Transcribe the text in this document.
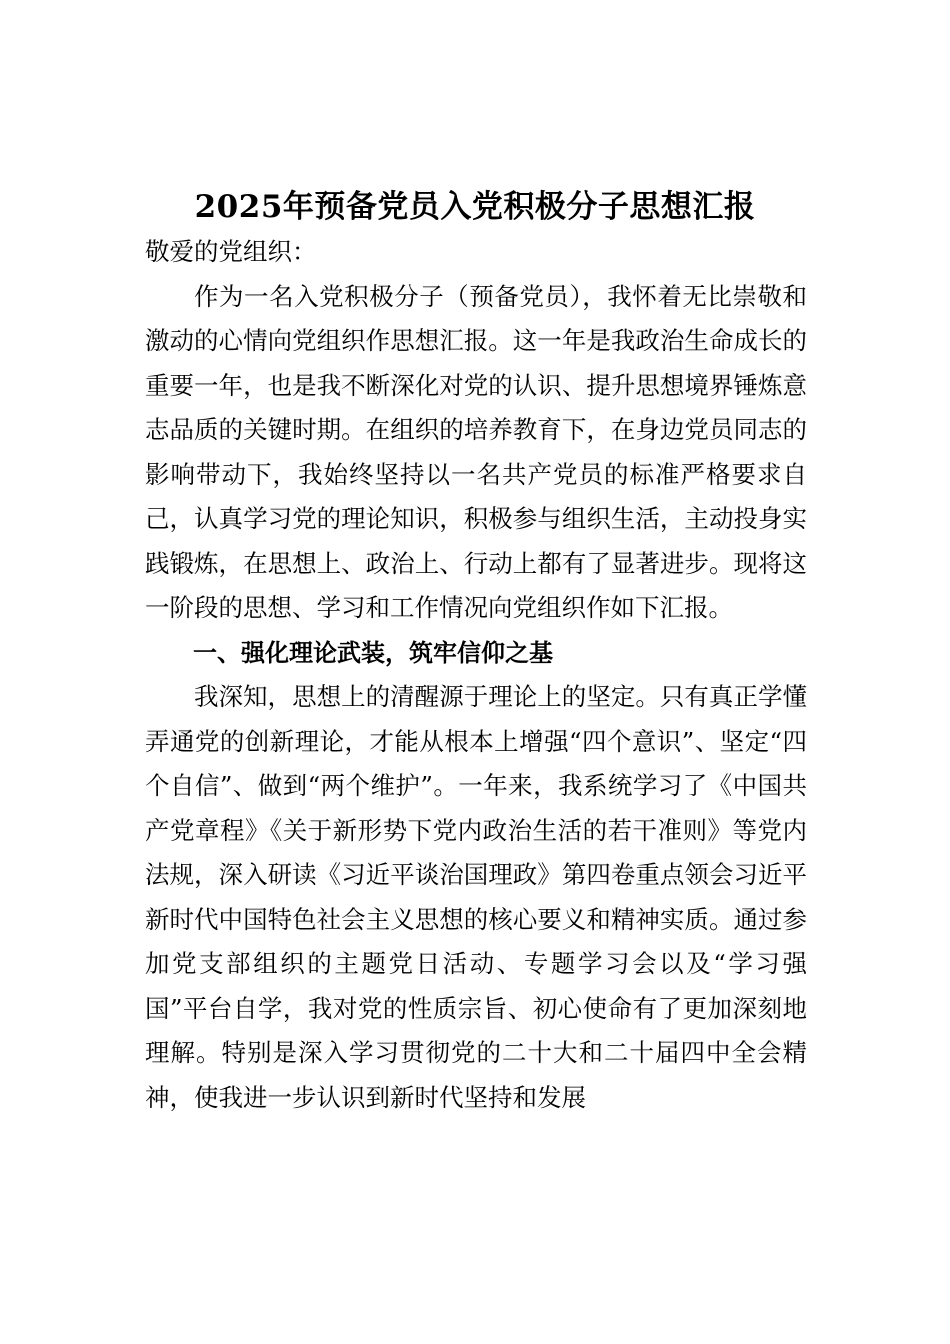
2025年预备党员入党积极分子思想汇报

敬爱的党组织：

作为一名入党积极分子（预备党员），我怀着无比崇敬和激动的心情向党组织作思想汇报。这一年是我政治生命成长的重要一年，也是我不断深化对党的认识、提升思想境界锤炼意志品质的关键时期。在组织的培养教育下，在身边党员同志的影响带动下，我始终坚持以一名共产党员的标准严格要求自己，认真学习党的理论知识，积极参与组织生活，主动投身实践锻炼，在思想上、政治上、行动上都有了显著进步。现将这一阶段的思想、学习和工作情况向党组织作如下汇报。

一、强化理论武装，筑牢信仰之基

我深知，思想上的清醒源于理论上的坚定。只有真正学懂弄通党的创新理论，才能从根本上增强“四个意识”、坚定“四个自信”、做到“两个维护”。一年来，我系统学习了《中国共产党章程》《关于新形势下党内政治生活的若干准则》等党内法规，深入研读《习近平谈治国理政》第四卷重点领会习近平新时代中国特色社会主义思想的核心要义和精神实质。通过参加党支部组织的主题党日活动、专题学习会以及“学习强国”平台自学，我对党的性质宗旨、初心使命有了更加深刻地理解。特别是深入学习贯彻党的二十大和二十届四中全会精神，使我进一步认识到新时代坚持和发展
